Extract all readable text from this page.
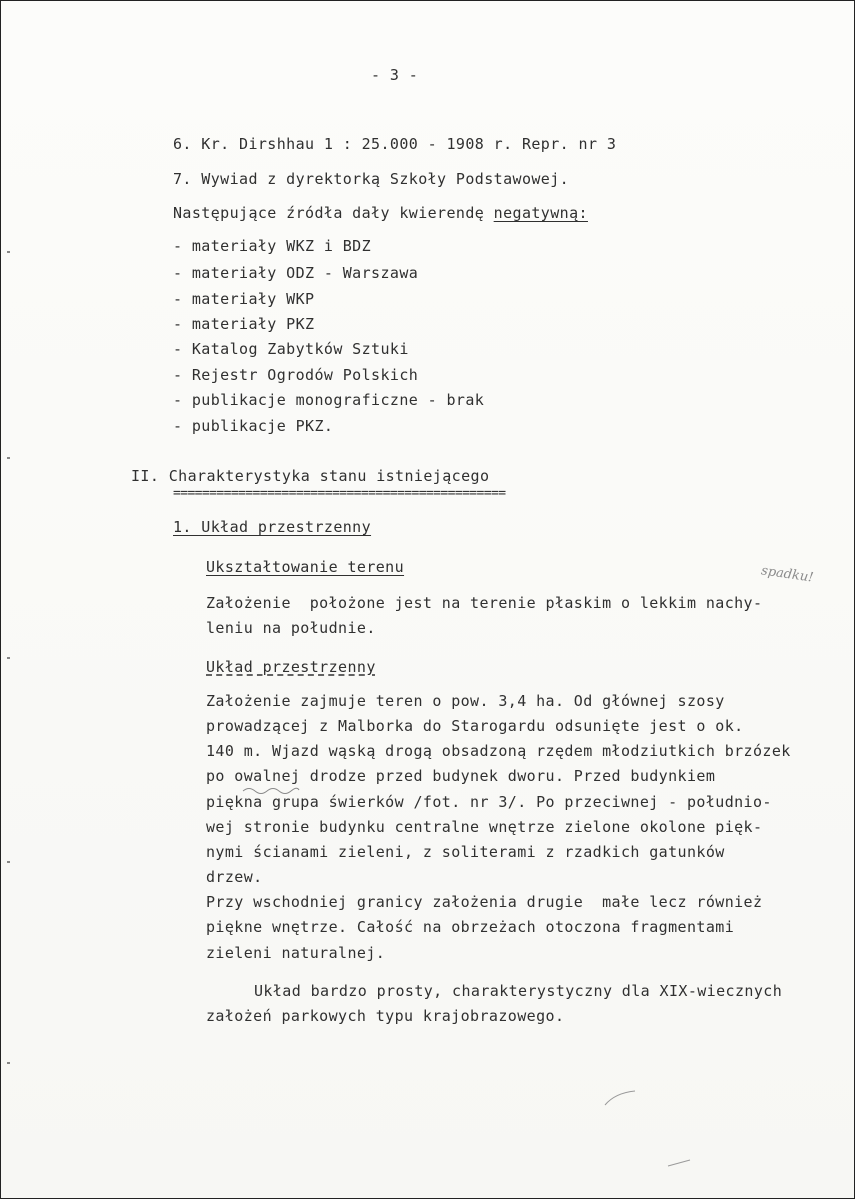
- 3 -
6. Kr. Dirshhau 1 : 25.000 - 1908 r. Repr. nr 3
7. Wywiad z dyrektorką Szkoły Podstawowej.
Następujące źródła dały kwierendę negatywną:
- materiały WKZ i BDZ
- materiały ODZ - Warszawa
- materiały WKP
- materiały PKZ
- Katalog Zabytków Sztuki
- Rejestr Ogrodów Polskich
- publikacje monograficzne - brak
- publikacje PKZ.
II. Charakterystyka stanu istniejącego
==============================================
1. Układ przestrzenny
Ukształtowanie terenu	spadku!
Założenie  położone jest na terenie płaskim o lekkim nachy-
leniu na południe.
Układ przestrzenny
Założenie zajmuje teren o pow. 3,4 ha. Od głównej szosy
prowadzącej z Malborka do Starogardu odsunięte jest o ok.
140 m. Wjazd wąską drogą obsadzoną rzędem młodziutkich brzózek
po owalnej drodze przed budynek dworu. Przed budynkiem
piękna grupa świerków /fot. nr 3/. Po przeciwnej - południo-
wej stronie budynku centralne wnętrze zielone okolone pięk-
nymi ścianami zieleni, z soliterami z rzadkich gatunków
drzew.
Przy wschodniej granicy założenia drugie  małe lecz również
piękne wnętrze. Całość na obrzeżach otoczona fragmentami
zieleni naturalnej.
Układ bardzo prosty, charakterystyczny dla XIX-wiecznych
założeń parkowych typu krajobrazowego.
